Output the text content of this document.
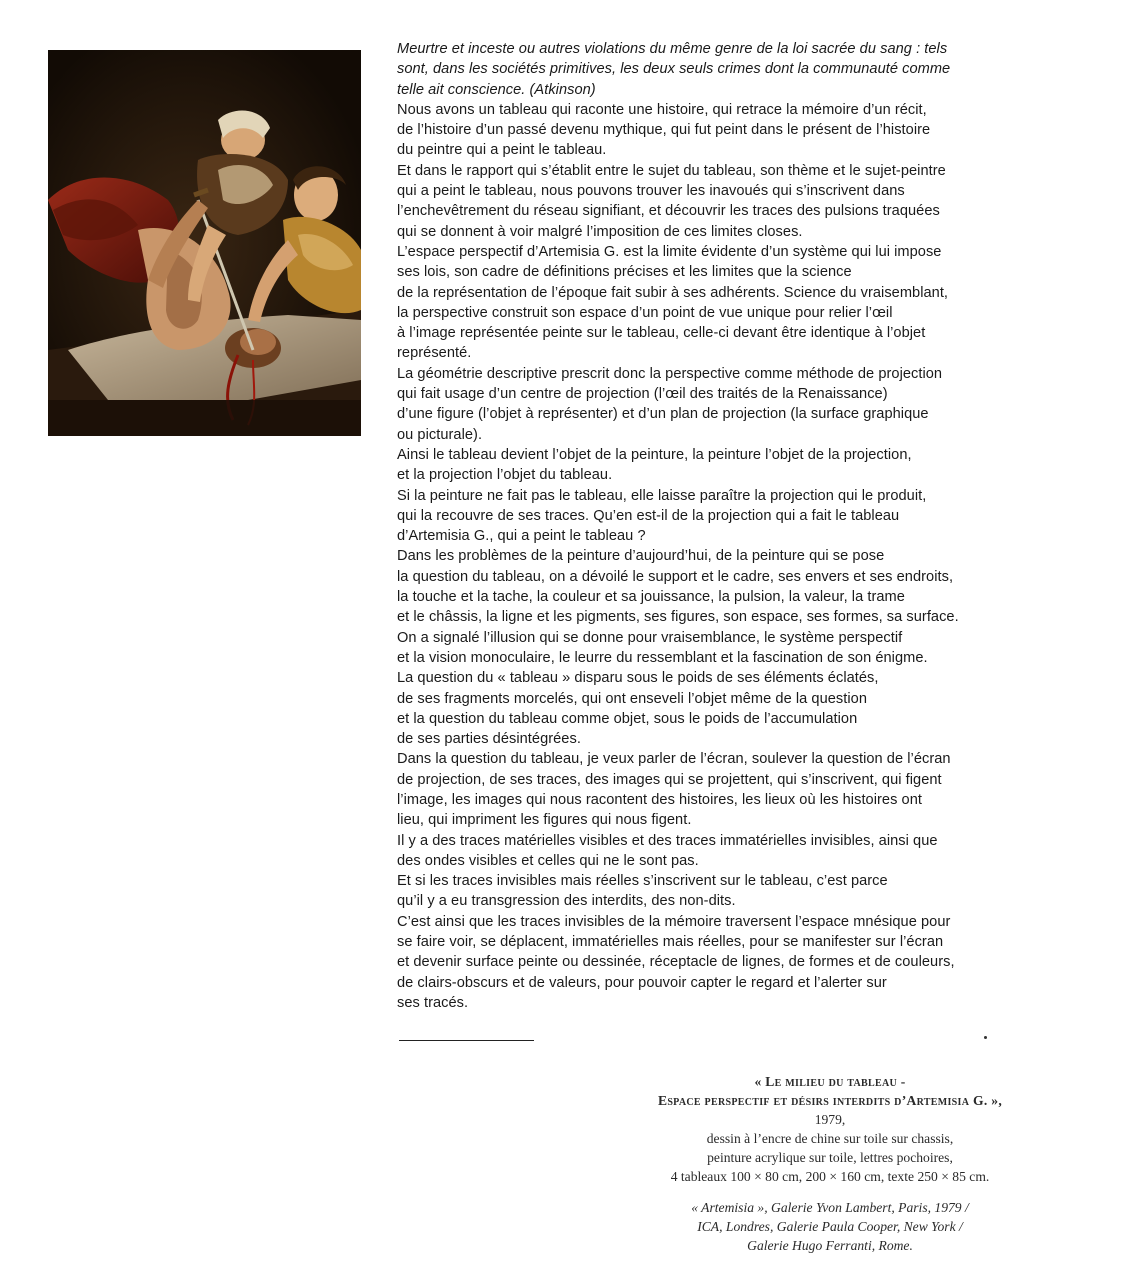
Meurtre et inceste ou autres violations du même genre de la loi sacrée du sang : tels
sont, dans les sociétés primitives, les deux seuls crimes dont la communauté comme
telle ait conscience. (Atkinson)
Nous avons un tableau qui raconte une histoire, qui retrace la mémoire d’un récit,
de l’histoire d’un passé devenu mythique, qui fut peint dans le présent de l’histoire
du peintre qui a peint le tableau.
Et dans le rapport qui s’établit entre le sujet du tableau, son thème et le sujet-peintre
qui a peint le tableau, nous pouvons trouver les inavoués qui s’inscrivent dans
l’enchevêtrement du réseau signifiant, et découvrir les traces des pulsions traquées
qui se donnent à voir malgré l’imposition de ces limites closes.
L’espace perspectif d’Artemisia G. est la limite évidente d’un système qui lui impose
ses lois, son cadre de définitions précises et les limites que la science
de la représentation de l’époque fait subir à ses adhérents. Science du vraisemblant,
la perspective construit son espace d’un point de vue unique pour relier l’œil
à l’image représentée peinte sur le tableau, celle-ci devant être identique à l’objet
représenté.
La géométrie descriptive prescrit donc la perspective comme méthode de projection
qui fait usage d’un centre de projection (l’œil des traités de la Renaissance)
d’une figure (l’objet à représenter) et d’un plan de projection (la surface graphique
ou picturale).
Ainsi le tableau devient l’objet de la peinture, la peinture l’objet de la projection,
et la projection l’objet du tableau.
Si la peinture ne fait pas le tableau, elle laisse paraître la projection qui le produit,
qui la recouvre de ses traces. Qu’en est-il de la projection qui a fait le tableau
d’Artemisia G., qui a peint le tableau ?
Dans les problèmes de la peinture d’aujourd’hui, de la peinture qui se pose
la question du tableau, on a dévoilé le support et le cadre, ses envers et ses endroits,
la touche et la tache, la couleur et sa jouissance, la pulsion, la valeur, la trame
et le châssis, la ligne et les pigments, ses figures, son espace, ses formes, sa surface.
On a signalé l’illusion qui se donne pour vraisemblance, le système perspectif
et la vision monoculaire, le leurre du ressemblant et la fascination de son énigme.
La question du « tableau » disparu sous le poids de ses éléments éclatés,
de ses fragments morcelés, qui ont enseveli l’objet même de la question
et la question du tableau comme objet, sous le poids de l’accumulation
de ses parties désintégrées.
Dans la question du tableau, je veux parler de l’écran, soulever la question de l’écran
de projection, de ses traces, des images qui se projettent, qui s’inscrivent, qui figent
l’image, les images qui nous racontent des histoires, les lieux où les histoires ont
lieu, qui impriment les figures qui nous figent.
Il y a des traces matérielles visibles et des traces immatérielles invisibles, ainsi que
des ondes visibles et celles qui ne le sont pas.
Et si les traces invisibles mais réelles s’inscrivent sur le tableau, c’est parce
qu’il y a eu transgression des interdits, des non-dits.
C’est ainsi que les traces invisibles de la mémoire traversent l’espace mnésique pour
se faire voir, se déplacent, immatérielles mais réelles, pour se manifester sur l’écran
et devenir surface peinte ou dessinée, réceptacle de lignes, de formes et de couleurs,
de clairs-obscurs et de valeurs, pour pouvoir capter le regard et l’alerter sur
ses tracés.
« Le milieu du tableau -
Espace perspectif et désirs interdits d’Artemisia G. »,
1979,
dessin à l’encre de chine sur toile sur chassis,
peinture acrylique sur toile, lettres pochoires,
4 tableaux 100 × 80 cm, 200 × 160 cm, texte 250 × 85 cm.
« Artemisia », Galerie Yvon Lambert, Paris, 1979 /
ICA, Londres, Galerie Paula Cooper, New York /
Galerie Hugo Ferranti, Rome.
